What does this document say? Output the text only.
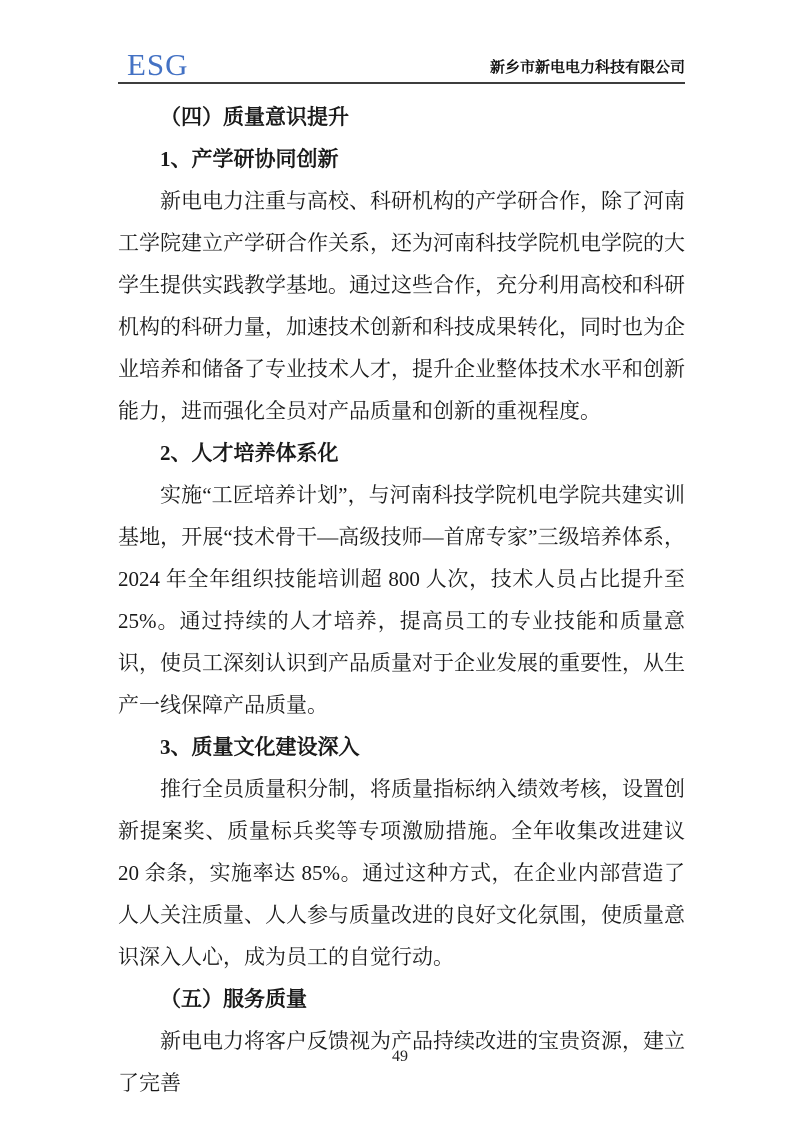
ESG	新乡市新电电力科技有限公司

（四）质量意识提升

1、产学研协同创新

新电电力注重与高校、科研机构的产学研合作，除了河南工学院建立产学研合作关系，还为河南科技学院机电学院的大学生提供实践教学基地。通过这些合作，充分利用高校和科研机构的科研力量，加速技术创新和科技成果转化，同时也为企业培养和储备了专业技术人才，提升企业整体技术水平和创新能力，进而强化全员对产品质量和创新的重视程度。

2、人才培养体系化

实施“工匠培养计划”，与河南科技学院机电学院共建实训基地，开展“技术骨干—高级技师—首席专家”三级培养体系，2024 年全年组织技能培训超 800 人次，技术人员占比提升至 25%。通过持续的人才培养，提高员工的专业技能和质量意识，使员工深刻认识到产品质量对于企业发展的重要性，从生产一线保障产品质量。

3、质量文化建设深入

推行全员质量积分制，将质量指标纳入绩效考核，设置创新提案奖、质量标兵奖等专项激励措施。全年收集改进建议 20 余条，实施率达 85%。通过这种方式，在企业内部营造了人人关注质量、人人参与质量改进的良好文化氛围，使质量意识深入人心，成为员工的自觉行动。

（五）服务质量

新电电力将客户反馈视为产品持续改进的宝贵资源，建立了完善

49
